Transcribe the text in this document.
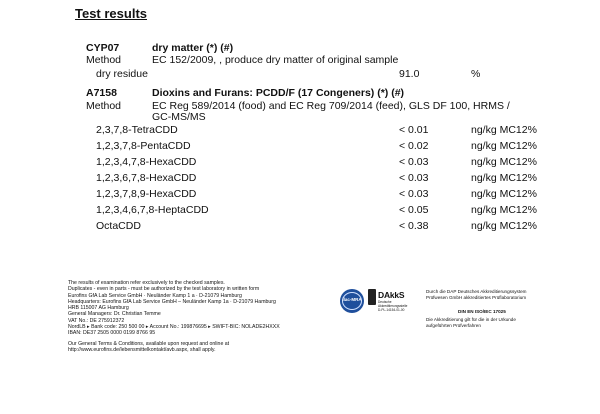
Test results
CYP07	dry matter (*) (#)
Method	EC 152/2009, , produce dry matter of original sample
dry residue	91.0	%
A7158	Dioxins and Furans: PCDD/F (17 Congeners) (*) (#)
Method	EC Reg 589/2014 (food) and EC Reg 709/2014 (feed), GLS DF 100, HRMS /
GC-MS/MS
2,3,7,8-TetraCDD	< 0.01	ng/kg MC12%
1,2,3,7,8-PentaCDD	< 0.02	ng/kg MC12%
1,2,3,4,7,8-HexaCDD	< 0.03	ng/kg MC12%
1,2,3,6,7,8-HexaCDD	< 0.03	ng/kg MC12%
1,2,3,7,8,9-HexaCDD	< 0.03	ng/kg MC12%
1,2,3,4,6,7,8-HeptaCDD	< 0.05	ng/kg MC12%
OctaCDD	< 0.38	ng/kg MC12%
The results of examination refer exclusively to the checked samples.
Duplicates - even in parts - must be authorized by the test laboratory in written form
Eurofins GfA Lab Service GmbH · Neuländer Kamp 1 a · D-21079 Hamburg
Headquarters: Eurofins GfA Lab Service GmbH – Neuländer Kamp 1a · D-21079 Hamburg
HRB 115007 AG Hamburg
General Managers: Dr. Christian Temme
VAT No.: DE 275912372
NordLB ▸ Bank code: 250 500 00 ▸ Account No.: 199876695 ▸ SWIFT-BIC: NOLADE2HXXX
IBAN: DE37 2505 0000 0199 8766 95
Our General Terms & Conditions, available upon request and online at
http://www.eurofins.de/lebensmittelkontakt/avb.aspx, shall apply.
ilac-MRA DAkkS
Deutsche Akkreditierungsstelle D-PL-14154-01-00
Durch die DAP Deutsches Akkreditierungssystem
Prüfwesen GmbH akkreditiertes Prüflaboratorium
DIN EN ISO/IEC 17025
Die Akkreditierung gilt für die in der Urkunde
aufgeführten Prüfverfahren
